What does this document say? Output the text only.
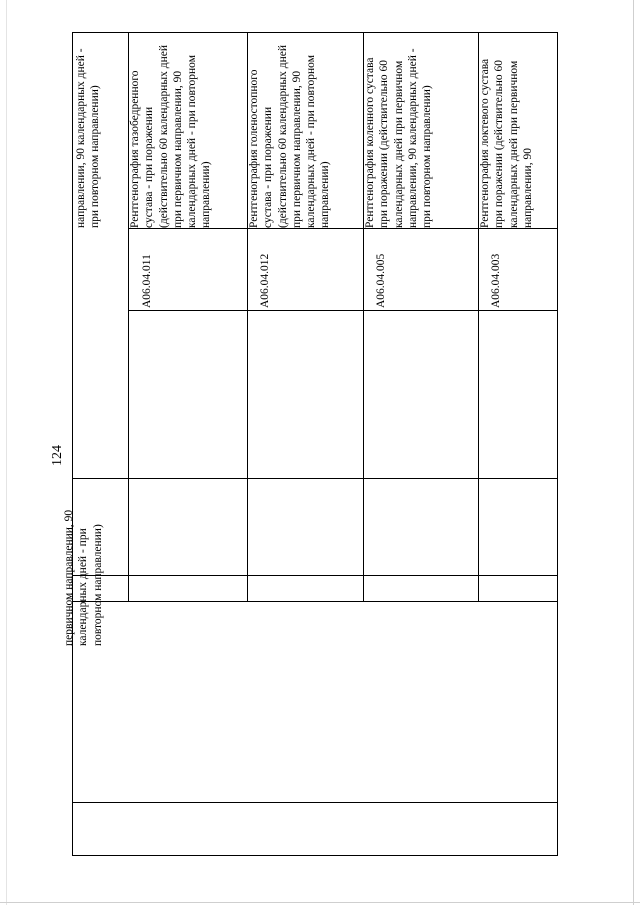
124
первичном направлении, 90 календарных дней - при повторном направлении)
направлении, 90 календарных дней - при повторном направлении)
A06.04.011
Рентгенография тазобедренного сустава - при поражении (действительно 60 календарных дней при первичном направлении, 90 календарных дней - при повторном направлении)
A06.04.012
Рентгенография голеностопного сустава - при поражении (действительно 60 календарных дней при первичном направлении, 90 календарных дней - при повторном направлении)
A06.04.005
Рентгенография коленного сустава при поражении (действительно 60 календарных дней при первичном направлении, 90 календарных дней - при повторном направлении)
A06.04.003
Рентгенография локтевого сустава при поражении (действительно 60 календарных дней при первичном направлении, 90
